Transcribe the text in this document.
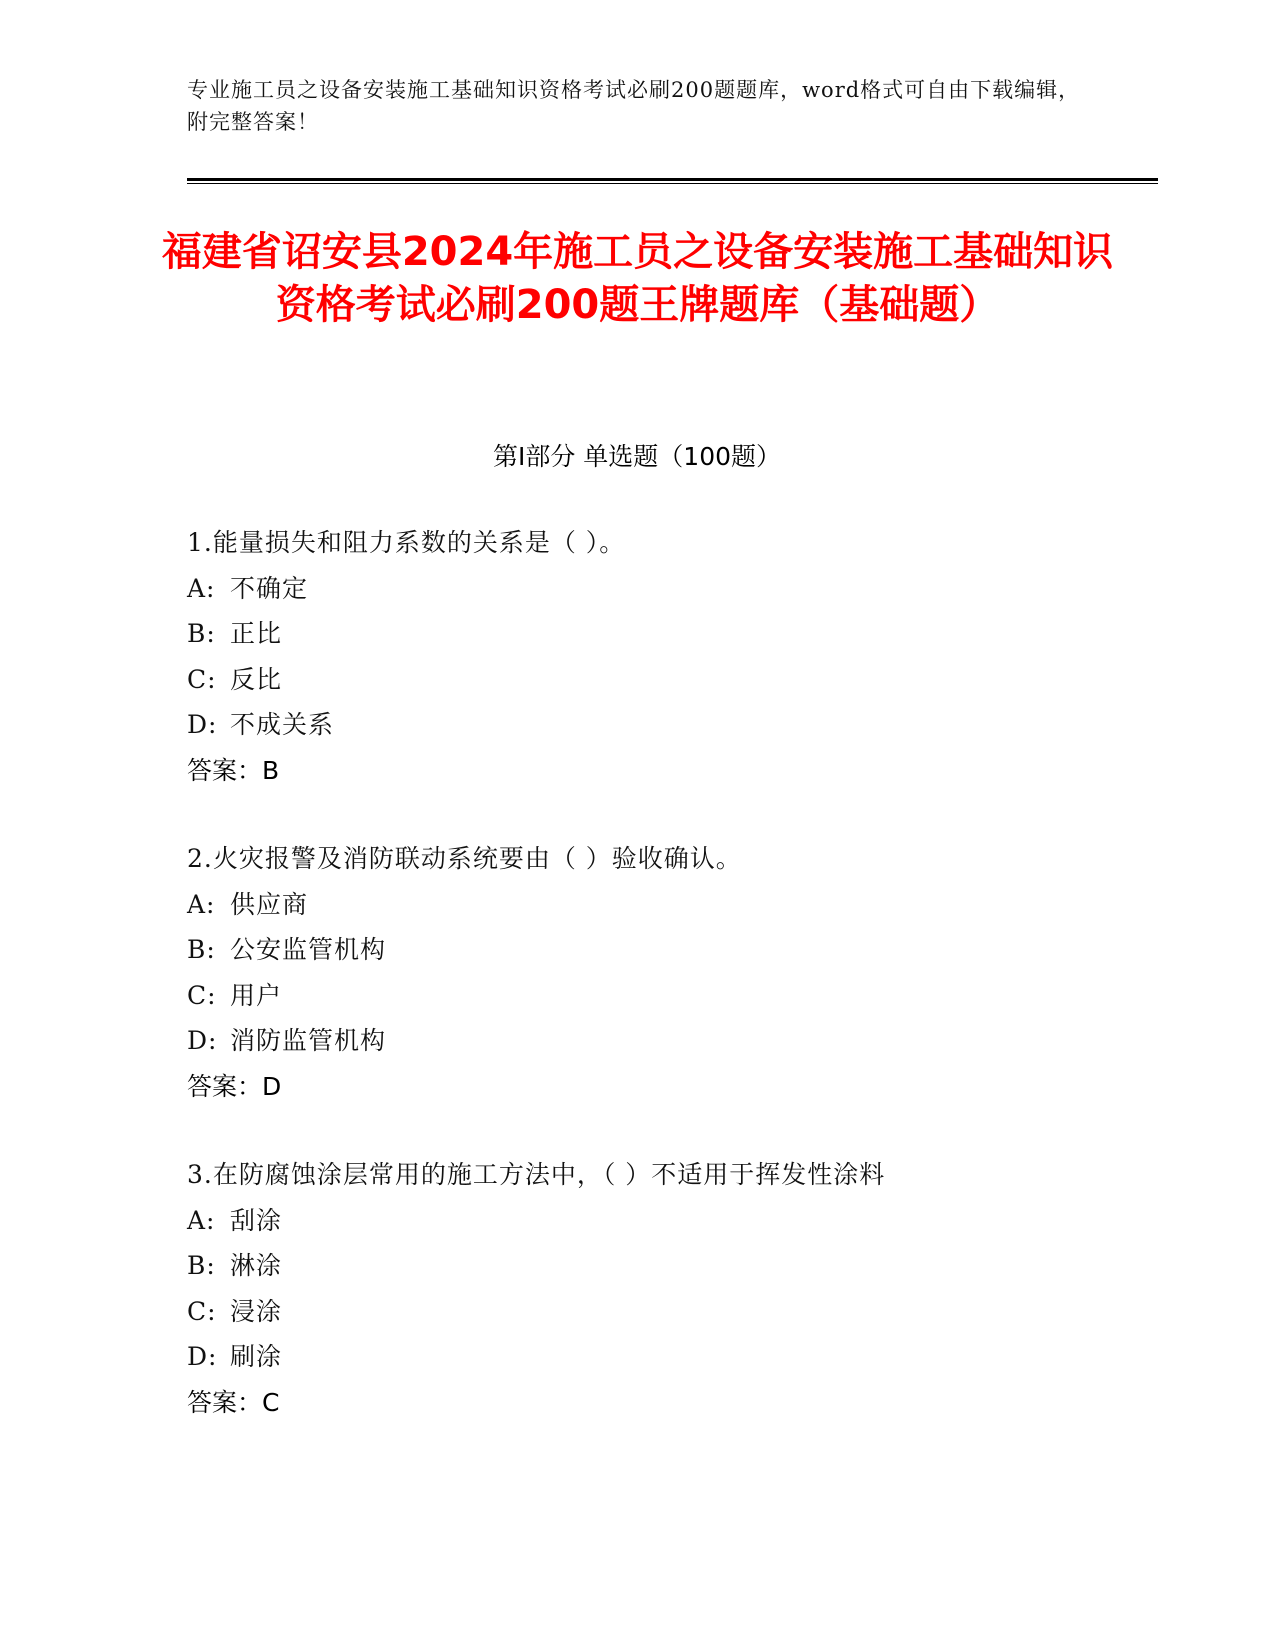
专业施工员之设备安装施工基础知识资格考试必刷200题题库，word格式可自由下载编辑，附完整答案！
福建省诏安县2024年施工员之设备安装施工基础知识资格考试必刷200题王牌题库（基础题）
第I部分 单选题（100题）
1.能量损失和阻力系数的关系是（ ）。
A: 不确定
B: 正比
C: 反比
D: 不成关系
答案：B
2.火灾报警及消防联动系统要由（ ）验收确认。
A: 供应商
B: 公安监管机构
C: 用户
D: 消防监管机构
答案：D
3.在防腐蚀涂层常用的施工方法中，（ ）不适用于挥发性涂料
A: 刮涂
B: 淋涂
C: 浸涂
D: 刷涂
答案：C
